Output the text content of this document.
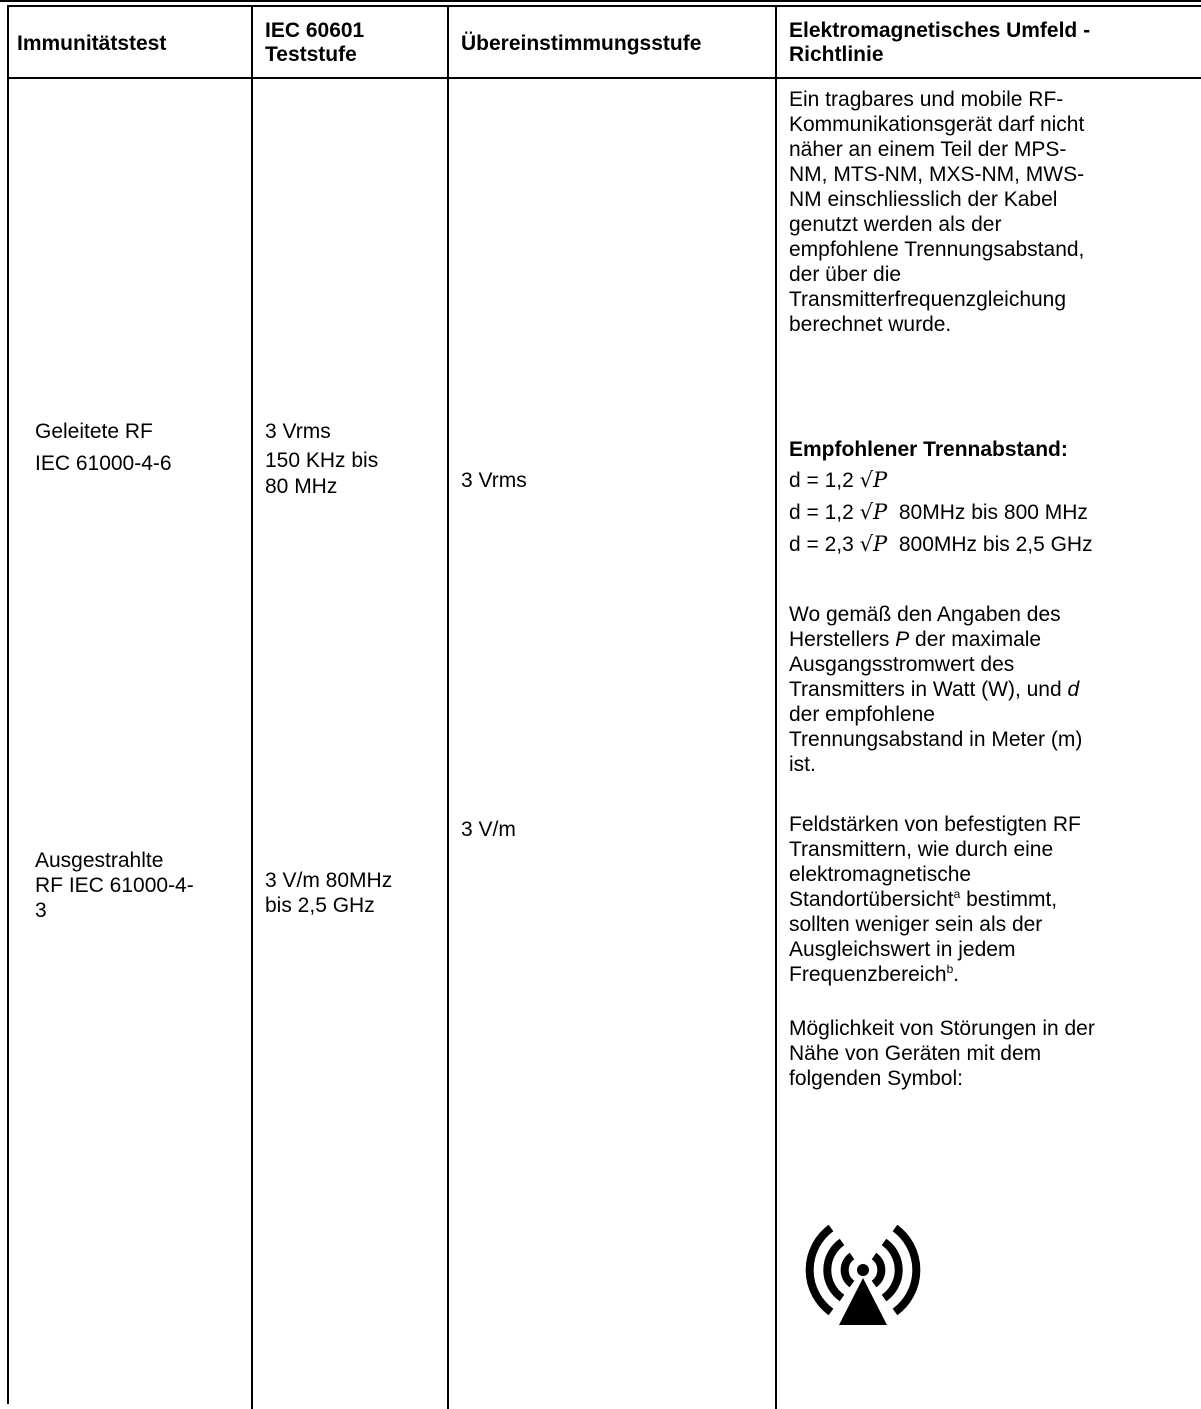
Immunitätstest
IEC 60601
Teststufe	Übereinstimmungsstufe
Elektromagnetisches Umfeld -
Richtlinie
Geleitete RF
IEC 61000-4-6
3 Vrms
150 KHz bis
80 MHz	3 Vrms
Ausgestrahlte
RF IEC 61000-4-
3
3 V/m 80MHz
bis 2,5 GHz
3 V/m
Ein tragbares und mobile RF-
Kommunikationsgerät darf nicht
näher an einem Teil der MPS-
NM, MTS-NM, MXS-NM, MWS-
NM einschliesslich der Kabel
genutzt werden als der
empfohlene Trennungsabstand,
der über die
Transmitterfrequenzgleichung
berechnet wurde.
Empfohlener Trennabstand:
d = 1,2 √P
d = 1,2 √P 80MHz bis 800 MHz
d = 2,3 √P 800MHz bis 2,5 GHz
Wo gemäß den Angaben des
Herstellers P der maximale
Ausgangsstromwert des
Transmitters in Watt (W), und d
der empfohlene
Trennungsabstand in Meter (m)
ist.
Feldstärken von befestigten RF
Transmittern, wie durch eine
elektromagnetische
Standortübersicht$^a$ bestimmt,
sollten weniger sein als der
Ausgleichswert in jedem
Frequenzbereich$^b$.
Möglichkeit von Störungen in der
Nähe von Geräten mit dem
folgenden Symbol:
